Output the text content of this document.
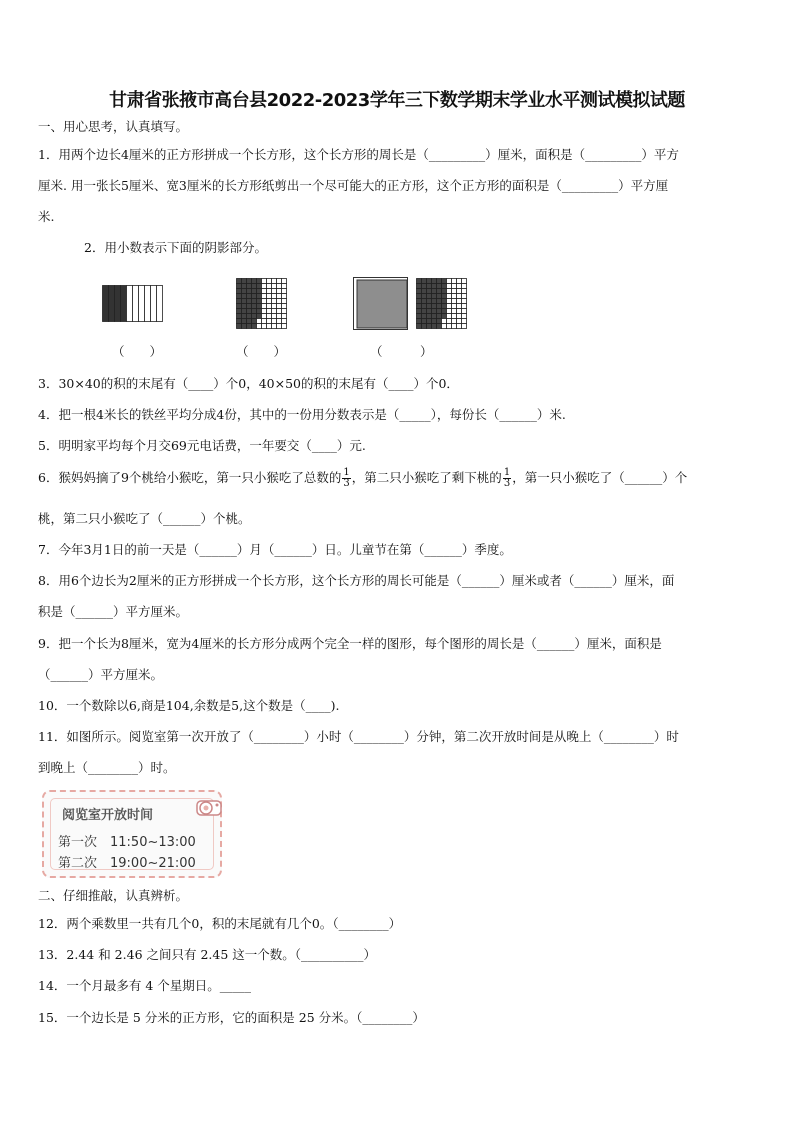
甘肃省张掖市高台县2022-2023学年三下数学期末学业水平测试模拟试题
一、用心思考，认真填写。
1．用两个边长4厘米的正方形拼成一个长方形，这个长方形的周长是（_________）厘米，面积是（_________）平方
厘米. 用一张长5厘米、宽3厘米的长方形纸剪出一个尽可能大的正方形，这个正方形的面积是（_________）平方厘
米.
2．用小数表示下面的阴影部分。
（　　）	（　　）	（　　　）
3．30×40的积的末尾有（____）个0，40×50的积的末尾有（____）个0．
4．把一根4米长的铁丝平均分成4份，其中的一份用分数表示是（_____），每份长（______）米.
5．明明家平均每个月交69元电话费，一年要交（____）元.
6．猴妈妈摘了9个桃给小猴吃，第一只小猴吃了总数的 $\frac{1}{3}$ ，第二只小猴吃了剩下桃的 $\frac{1}{3}$ ，第一只小猴吃了（______）个
桃，第二只小猴吃了（______）个桃。
7．今年3月1日的前一天是（______）月（______）日。儿童节在第（______）季度。
8．用6个边长为2厘米的正方形拼成一个长方形，这个长方形的周长可能是（______）厘米或者（______）厘米，面
积是（______）平方厘米。
9．把一个长为8厘米，宽为4厘米的长方形分成两个完全一样的图形，每个图形的周长是（______）厘米，面积是
（______）平方厘米。
10．一个数除以6,商是104,余数是5,这个数是（____).
11．如图所示。阅览室第一次开放了（________）小时（________）分钟，第二次开放时间是从晚上（________）时
到晚上（________）时。
阅览室开放时间
第一次　11:50~13:00
第二次　19:00~21:00
二、仔细推敲，认真辨析。
12．两个乘数里一共有几个0，积的末尾就有几个0。（________）
13．2.44 和 2.46 之间只有 2.45 这一个数。（__________）
14．一个月最多有 4 个星期日。_____
15．一个边长是 5 分米的正方形，它的面积是 25 分米。（________）
